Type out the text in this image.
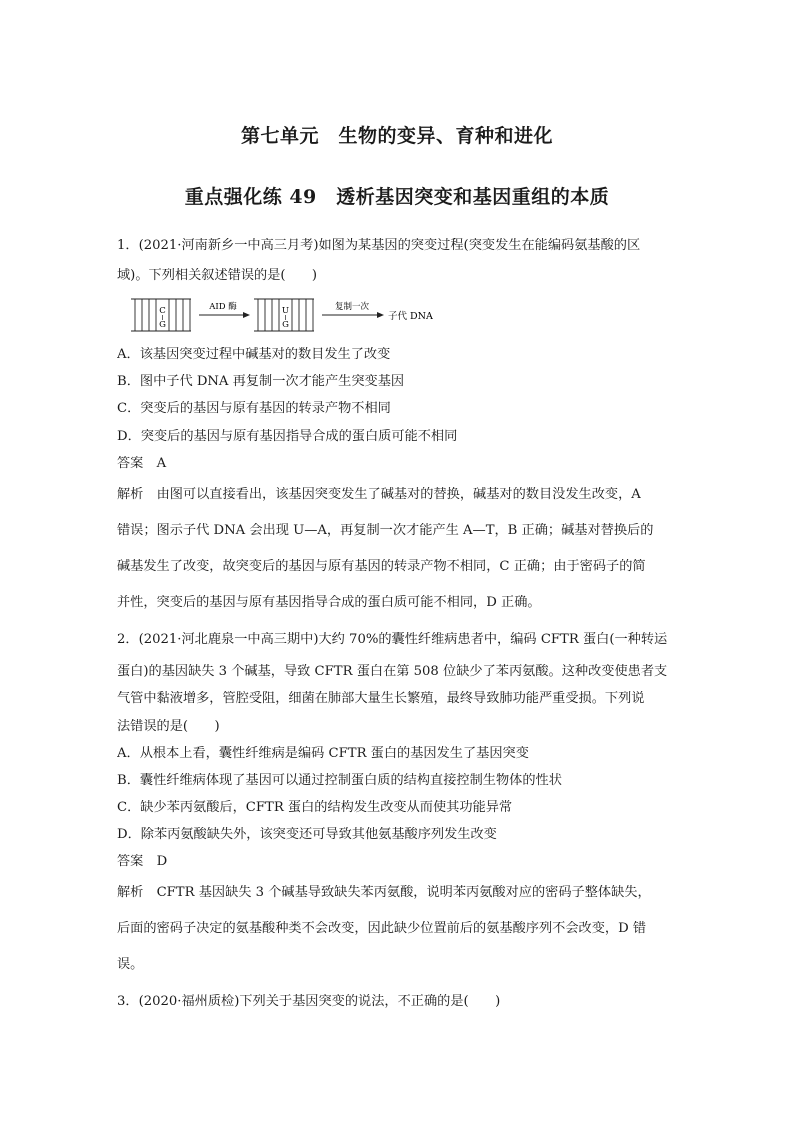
第七单元　生物的变异、育种和进化
重点强化练 49　透析基因突变和基因重组的本质
1．(2021·河南新乡一中高三月考)如图为某基因的突变过程(突变发生在能编码氨基酸的区
域)。下列相关叙述错误的是(　　)
C
G
AID 酶	U
G
复制一次
子代 DNA
A．该基因突变过程中碱基对的数目发生了改变
B．图中子代 DNA 再复制一次才能产生突变基因
C．突变后的基因与原有基因的转录产物不相同
D．突变后的基因与原有基因指导合成的蛋白质可能不相同
答案　 A
解析　 由图可以直接看出，该基因突变发生了碱基对的替换，碱基对的数目没发生改变，A
错误；图示子代 DNA 会出现 U—A，再复制一次才能产生 A—T，B 正确；碱基对替换后的
碱基发生了改变，故突变后的基因与原有基因的转录产物不相同，C 正确；由于密码子的简
并性，突变后的基因与原有基因指导合成的蛋白质可能不相同，D 正确。
2．(2021·河北鹿泉一中高三期中)大约 70%的囊性纤维病患者中，编码 CFTR 蛋白(一种转运
蛋白)的基因缺失 3 个碱基，导致 CFTR 蛋白在第 508 位缺少了苯丙氨酸。这种改变使患者支
气管中黏液增多，管腔受阻，细菌在肺部大量生长繁殖，最终导致肺功能严重受损。下列说
法错误的是(　　)
A．从根本上看，囊性纤维病是编码 CFTR 蛋白的基因发生了基因突变
B．囊性纤维病体现了基因可以通过控制蛋白质的结构直接控制生物体的性状
C．缺少苯丙氨酸后，CFTR 蛋白的结构发生改变从而使其功能异常
D．除苯丙氨酸缺失外，该突变还可导致其他氨基酸序列发生改变
答案　 D
解析　 CFTR 基因缺失 3 个碱基导致缺失苯丙氨酸，说明苯丙氨酸对应的密码子整体缺失，
后面的密码子决定的氨基酸种类不会改变，因此缺少位置前后的氨基酸序列不会改变，D 错
误。
3．(2020·福州质检)下列关于基因突变的说法，不正确的是(　　)
